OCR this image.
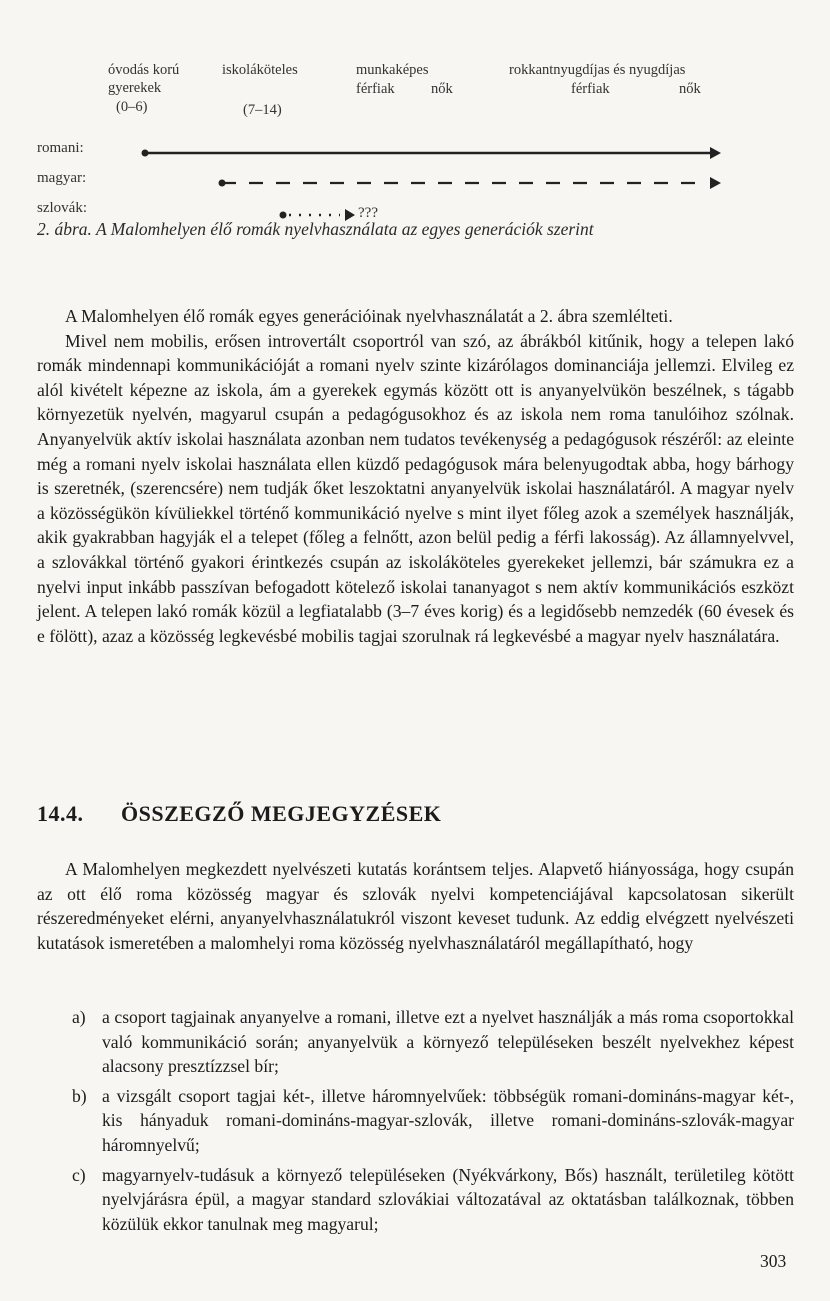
óvodás korú
gyerekek
(0–6)
iskoláköteles
(7–14)
munkaképes
férfiak	nők
rokkantnyugdíjas és nyugdíjas
férfiak	nők
romani:
magyar:
szlovák:	???
2. ábra. A Malomhelyen élő romák nyelvhasználata az egyes generációk szerint

A Malomhelyen élő romák egyes generációinak nyelvhasználatát a 2. ábra szemlélteti.

Mivel nem mobilis, erősen introvertált csoportról van szó, az ábrákból kitűnik, hogy a telepen lakó romák mindennapi kommunikációját a romani nyelv szinte kizárólagos dominanciája jellemzi. Elvileg ez alól kivételt képezne az iskola, ám a gyerekek egymás között ott is anyanyelvükön beszélnek, s tágabb környezetük nyelvén, magyarul csupán a pedagógusokhoz és az iskola nem roma tanulóihoz szólnak. Anyanyelvük aktív iskolai használata azonban nem tudatos tevékenység a pedagógusok részéről: az eleinte még a romani nyelv iskolai használata ellen küzdő pedagógusok mára belenyugodtak abba, hogy bárhogy is szeretnék, (szerencsére) nem tudják őket leszoktatni anyanyelvük iskolai használatáról. A magyar nyelv a közösségükön kívüliekkel történő kommunikáció nyelve s mint ilyet főleg azok a személyek használják, akik gyakrabban hagyják el a telepet (főleg a felnőtt, azon belül pedig a férfi lakosság). Az államnyelvvel, a szlovákkal történő gyakori érintkezés csupán az iskoláköteles gyerekeket jellemzi, bár számukra ez a nyelvi input inkább passzívan befogadott kötelező iskolai tananyagot s nem aktív kommunikációs eszközt jelent. A telepen lakó romák közül a legfiatalabb (3–7 éves korig) és a legidősebb nemzedék (60 évesek és e fölött), azaz a közösség legkevésbé mobilis tagjai szorulnak rá legkevésbé a magyar nyelv használatára.

14.4. ÖSSZEGZŐ MEGJEGYZÉSEK

A Malomhelyen megkezdett nyelvészeti kutatás korántsem teljes. Alapvető hiányossága, hogy csupán az ott élő roma közösség magyar és szlovák nyelvi kompetenciájával kapcsolatosan sikerült részeredményeket elérni, anyanyelvhasználatukról viszont keveset tudunk. Az eddig elvégzett nyelvészeti kutatások ismeretében a malomhelyi roma közösség nyelvhasználatáról megállapítható, hogy

a) a csoport tagjainak anyanyelve a romani, illetve ezt a nyelvet használják a más roma csoportokkal való kommunikáció során; anyanyelvük a környező településeken beszélt nyelvekhez képest alacsony presztízzsel bír;
b) a vizsgált csoport tagjai két-, illetve háromnyelvűek: többségük romani-domináns-magyar két-, kis hányaduk romani-domináns-magyar-szlovák, illetve romani-domináns-szlovák-magyar háromnyelvű;
c) magyarnyelv-tudásuk a környező településeken (Nyékvárkony, Bős) használt, területileg kötött nyelvjárásra épül, a magyar standard szlovákiai változatával az oktatásban találkoznak, többen közülük ekkor tanulnak meg magyarul;
303
